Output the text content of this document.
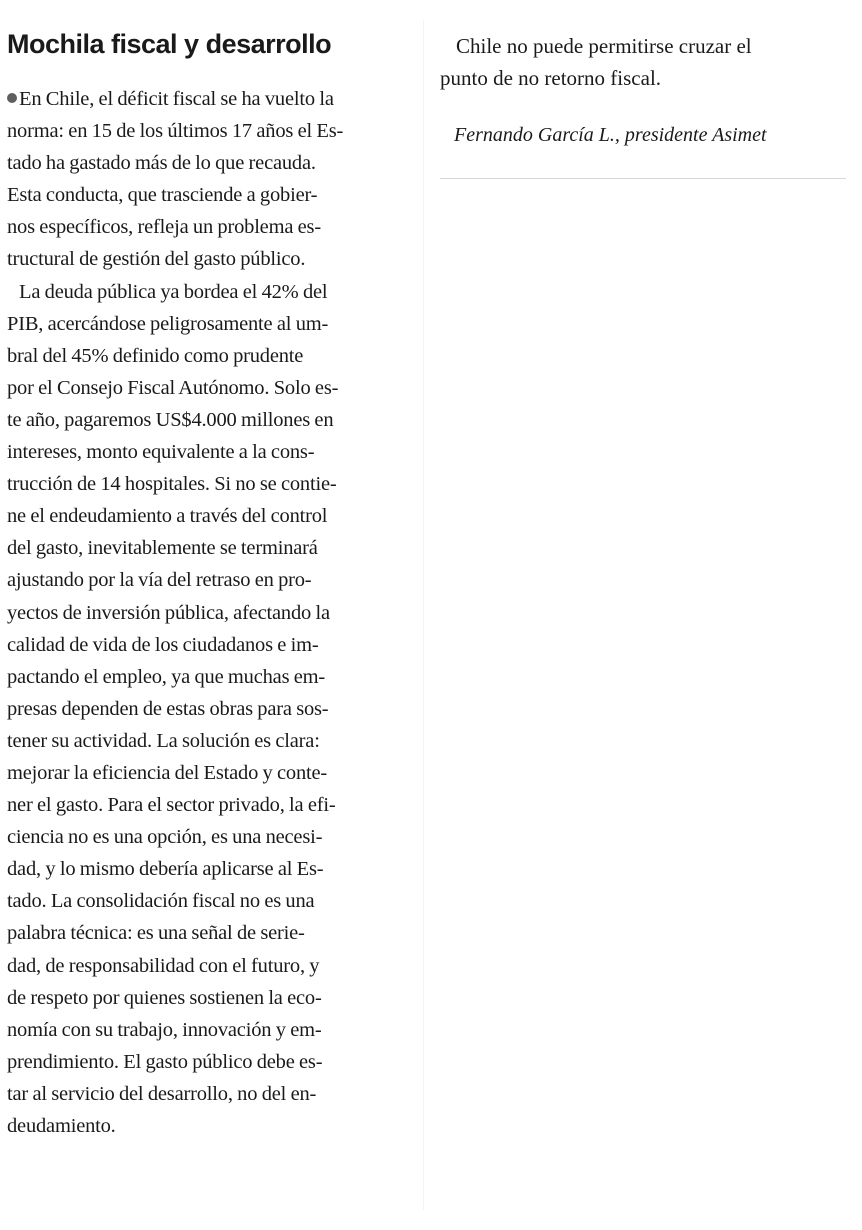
Mochila fiscal y desarrollo

En Chile, el déficit fiscal se ha vuelto la
norma: en 15 de los últimos 17 años el Es-
tado ha gastado más de lo que recauda.
Esta conducta, que trasciende a gobier-
nos específicos, refleja un problema es-
tructural de gestión del gasto público.

La deuda pública ya bordea el 42% del
PIB, acercándose peligrosamente al um-
bral del 45% definido como prudente
por el Consejo Fiscal Autónomo. Solo es-
te año, pagaremos US$4.000 millones en
intereses, monto equivalente a la cons-
trucción de 14 hospitales. Si no se contie-
ne el endeudamiento a través del control
del gasto, inevitablemente se terminará
ajustando por la vía del retraso en pro-
yectos de inversión pública, afectando la
calidad de vida de los ciudadanos e im-
pactando el empleo, ya que muchas em-
presas dependen de estas obras para sos-
tener su actividad. La solución es clara:
mejorar la eficiencia del Estado y conte-
ner el gasto. Para el sector privado, la efi-
ciencia no es una opción, es una necesi-
dad, y lo mismo debería aplicarse al Es-
tado. La consolidación fiscal no es una
palabra técnica: es una señal de serie-
dad, de responsabilidad con el futuro, y
de respeto por quienes sostienen la eco-
nomía con su trabajo, innovación y em-
prendimiento. El gasto público debe es-
tar al servicio del desarrollo, no del en-
deudamiento.

Chile no puede permitirse cruzar el
punto de no retorno fiscal.

Fernando García L., presidente Asimet
